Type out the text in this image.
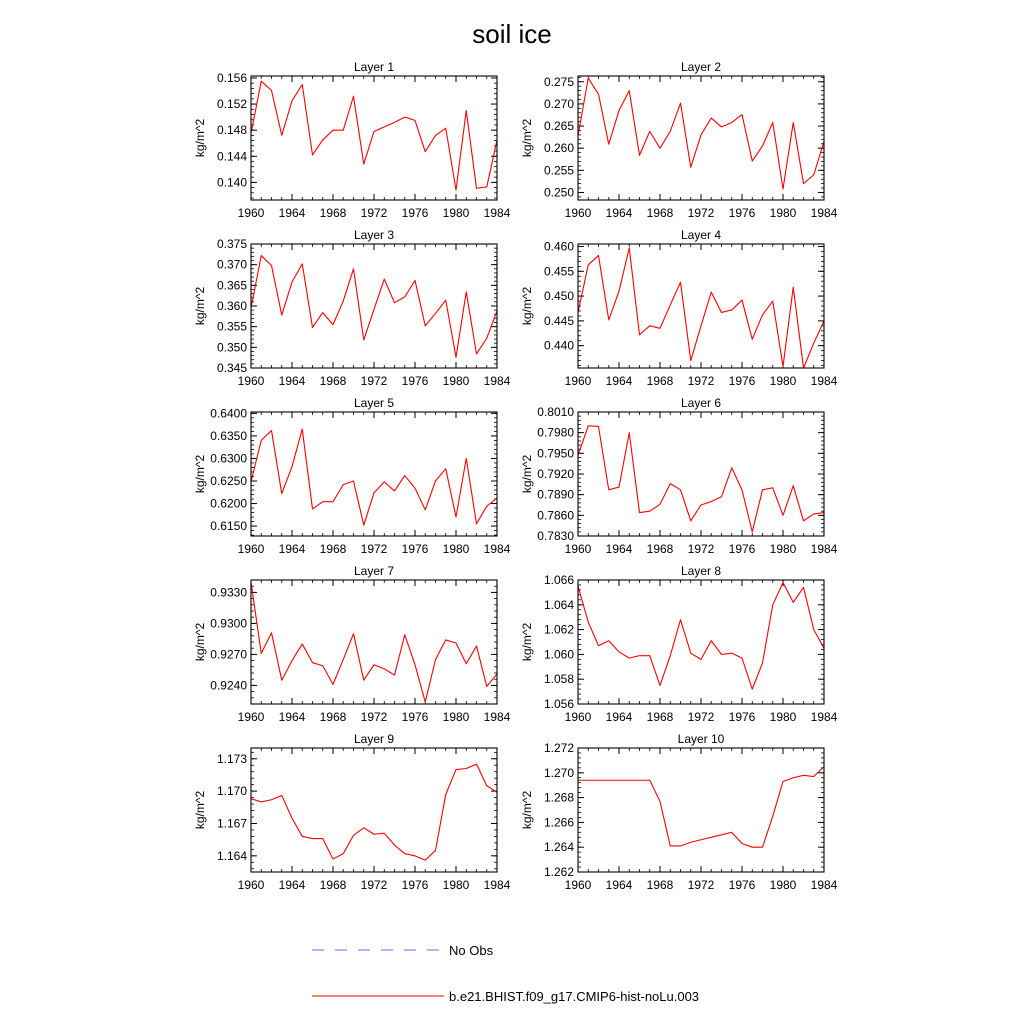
soil ice
Layer 1
kg/m^2
1960 1964 1968 1972 1976 1980 1984
0.140
0.144
0.148
0.152
0.156
Layer 2
kg/m^2
1960 1964 1968 1972 1976 1980 1984
0.250
0.255
0.260
0.265
0.270
0.275
Layer 3
kg/m^2
1960 1964 1968 1972 1976 1980 1984
0.345
0.350
0.355
0.360
0.365
0.370
0.375
Layer 4
kg/m^2
1960 1964 1968 1972 1976 1980 1984
0.440
0.445
0.450
0.455
0.460
Layer 5
kg/m^2
1960 1964 1968 1972 1976 1980 1984
0.6150
0.6200
0.6250
0.6300
0.6350
0.6400
Layer 6
kg/m^2
1960 1964 1968 1972 1976 1980 1984
0.7830
0.7860
0.7890
0.7920
0.7950
0.7980
0.8010
Layer 7
kg/m^2
1960 1964 1968 1972 1976 1980 1984
0.9240
0.9270
0.9300
0.9330
Layer 8
kg/m^2
1960 1964 1968 1972 1976 1980 1984
1.056
1.058
1.060
1.062
1.064
1.066
Layer 9
kg/m^2
1960 1964 1968 1972 1976 1980 1984
1.164
1.167
1.170
1.173
Layer 10
kg/m^2
1960 1964 1968 1972 1976 1980 1984
1.262
1.264
1.266
1.268
1.270
1.272
No Obs
b.e21.BHIST.f09_g17.CMIP6-hist-noLu.003
